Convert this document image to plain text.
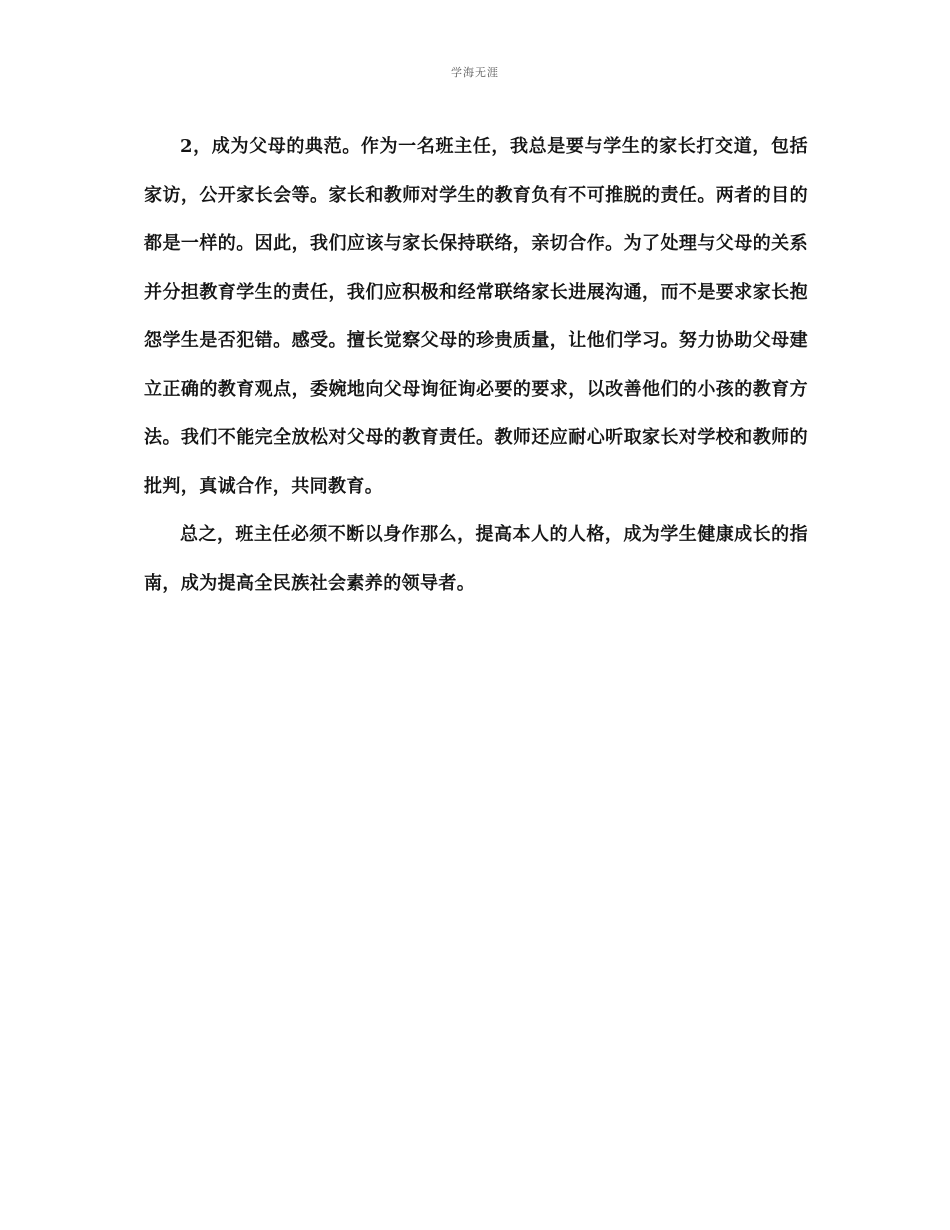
学海无涯

2，成为父母的典范。作为一名班主任，我总是要与学生的家长打交道，包括家访，公开家长会等。家长和教师对学生的教育负有不可推脱的责任。两者的目的都是一样的。因此，我们应该与家长保持联络，亲切合作。为了处理与父母的关系并分担教育学生的责任，我们应积极和经常联络家长进展沟通，而不是要求家长抱怨学生是否犯错。感受。擅长觉察父母的珍贵质量，让他们学习。努力协助父母建立正确的教育观点，委婉地向父母询征询必要的要求，以改善他们的小孩的教育方法。我们不能完全放松对父母的教育责任。教师还应耐心听取家长对学校和教师的批判，真诚合作，共同教育。

总之，班主任必须不断以身作那么，提高本人的人格，成为学生健康成长的指南，成为提高全民族社会素养的领导者。
